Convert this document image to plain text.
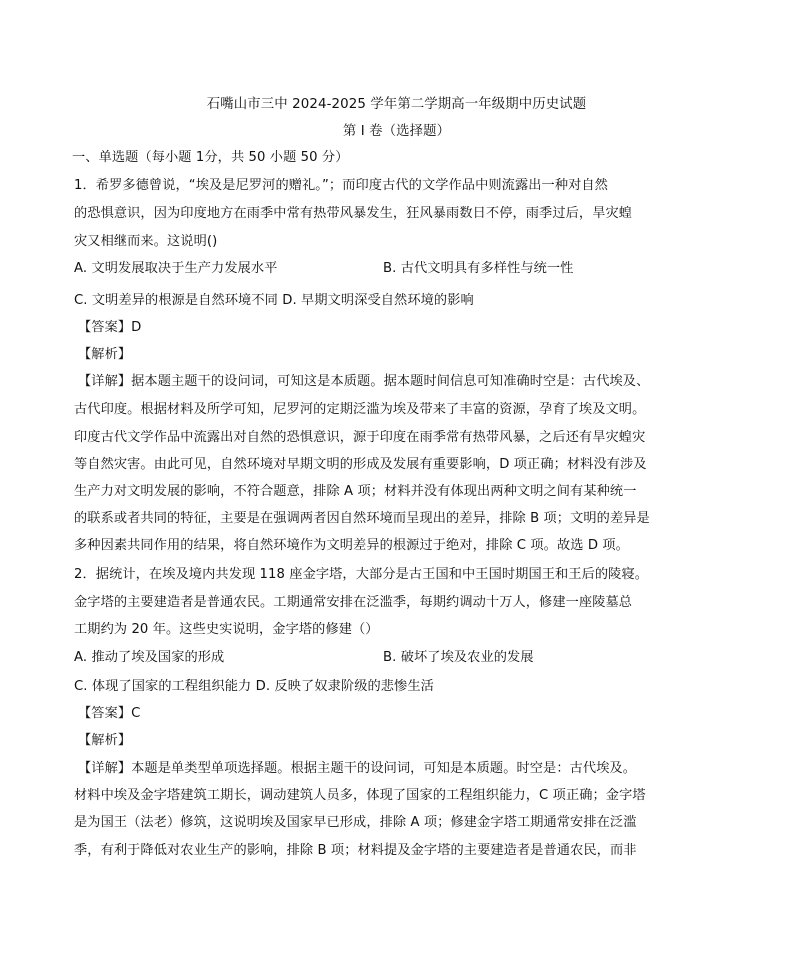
石嘴山市三中 2024-2025 学年第二学期高一年级期中历史试题
第 I 卷（选择题）
一、单选题（每小题 1分，共 50 小题 50 分）
1．希罗多德曾说，“埃及是尼罗河的赠礼。”；而印度古代的文学作品中则流露出一种对自然
的恐惧意识，因为印度地方在雨季中常有热带风暴发生，狂风暴雨数日不停，雨季过后，旱灾蝗
灾又相继而来。这说明()
A. 文明发展取决于生产力发展水平	B. 古代文明具有多样性与统一性
C. 文明差异的根源是自然环境不同 D. 早期文明深受自然环境的影响
【答案】D
【解析】
【详解】据本题主题干的设问词，可知这是本质题。据本题时间信息可知准确时空是：古代埃及、
古代印度。根据材料及所学可知，尼罗河的定期泛滥为埃及带来了丰富的资源，孕育了埃及文明。
印度古代文学作品中流露出对自然的恐惧意识，源于印度在雨季常有热带风暴，之后还有旱灾蝗灾
等自然灾害。由此可见，自然环境对早期文明的形成及发展有重要影响，D 项正确；材料没有涉及
生产力对文明发展的影响，不符合题意，排除 A 项；材料并没有体现出两种文明之间有某种统一
的联系或者共同的特征，主要是在强调两者因自然环境而呈现出的差异，排除 B 项；文明的差异是
多种因素共同作用的结果，将自然环境作为文明差异的根源过于绝对，排除 C 项。故选 D 项。
2．据统计，在埃及境内共发现 118 座金字塔，大部分是古王国和中王国时期国王和王后的陵寝。
金字塔的主要建造者是普通农民。工期通常安排在泛滥季，每期约调动十万人，修建一座陵墓总
工期约为 20 年。这些史实说明，金字塔的修建（）
A. 推动了埃及国家的形成	B. 破坏了埃及农业的发展
C. 体现了国家的工程组织能力 D. 反映了奴隶阶级的悲惨生活
【答案】C
【解析】
【详解】本题是单类型单项选择题。根据主题干的设问词，可知是本质题。时空是：古代埃及。
材料中埃及金字塔建筑工期长，调动建筑人员多，体现了国家的工程组织能力，C 项正确；金字塔
是为国王（法老）修筑，这说明埃及国家早已形成，排除 A 项；修建金字塔工期通常安排在泛滥
季，有利于降低对农业生产的影响，排除 B 项；材料提及金字塔的主要建造者是普通农民，而非
